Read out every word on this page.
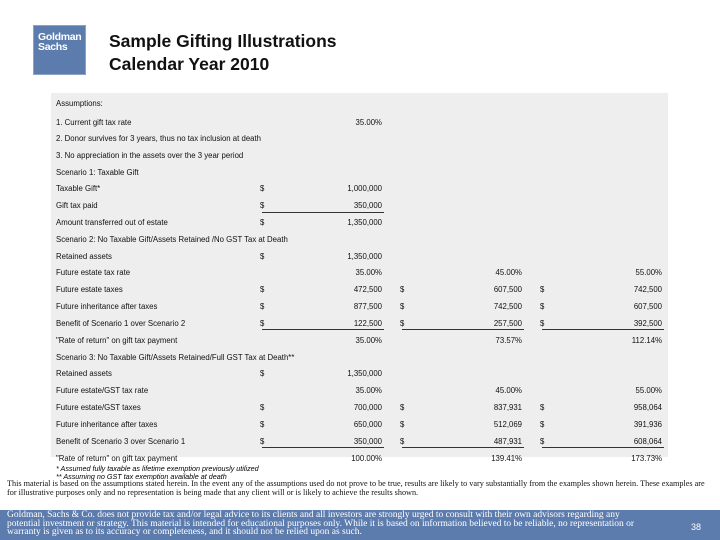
Goldman
Sachs	Sample Gifting Illustrations
Calendar Year 2010
Assumptions:
1. Current gift tax rate	35.00%
2. Donor survives for 3 years, thus no tax inclusion at death
3. No appreciation in the assets over the 3 year period
Scenario 1: Taxable Gift
Taxable Gift*	$	1,000,000
Gift tax paid	$	350,000
Amount transferred out of estate	$	1,350,000
Scenario 2: No Taxable Gift/Assets Retained /No GST Tax at Death
Retained assets	$	1,350,000
Future estate tax rate	35.00%	45.00%	55.00%
Future estate taxes	$	472,500 $	607,500 $	742,500
Future inheritance after taxes	$	877,500 $	742,500 $	607,500
Benefit of Scenario 1 over Scenario 2	$	122,500 $	257,500 $	392,500
"Rate of return" on gift tax payment	35.00%	73.57%	112.14%
Scenario 3: No Taxable Gift/Assets Retained/Full GST Tax at Death**
Retained assets	$	1,350,000
Future estate/GST tax rate	35.00%	45.00%	55.00%
Future estate/GST taxes	$	700,000 $	837,931 $	958,064
Future inheritance after taxes	$	650,000 $	512,069 $	391,936
Benefit of Scenario 3 over Scenario 1	$	350,000 $	487,931 $	608,064
"Rate of return" on gift tax payment	100.00%	139.41%	173.73%
* Assumed fully taxable as lifetime exemption previously utilized
** Assuming no GST tax exemption available at death
This material is based on the assumptions stated herein. In the event any of the assumptions used do not prove to be true, results are likely to vary substantially from the examples shown herein. These examples are for illustrative purposes only and no representation is being made that any client will or is likely to achieve the results shown.
Goldman, Sachs & Co. does not provide tax and/or legal advice to its clients and all investors are strongly urged to consult with their own advisors regarding any potential investment or strategy. This material is intended for educational purposes only. While it is based on information believed to be reliable, no representation or warranty is given as to its accuracy or completeness, and it should not be relied upon as such.
38
